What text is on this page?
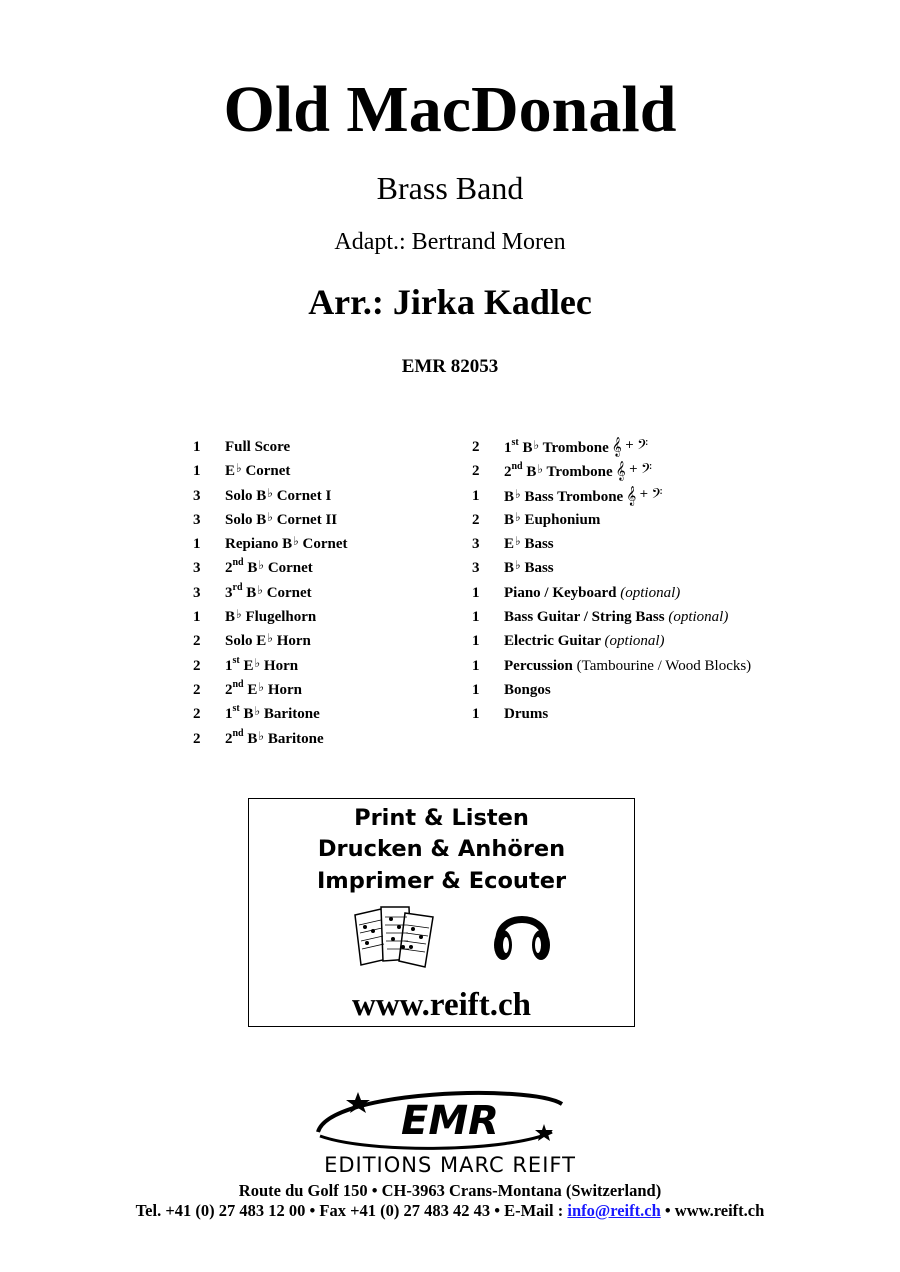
Old MacDonald
Brass Band
Adapt.: Bertrand Moren
Arr.: Jirka Kadlec
EMR 82053
1 Full Score
1 E♭ Cornet
3 Solo B♭ Cornet I
3 Solo B♭ Cornet II
1 Repiano B♭ Cornet
3 2nd B♭ Cornet
3 3rd B♭ Cornet
1 B♭ Flugelhorn
2 Solo E♭ Horn
2 1st E♭ Horn
2 2nd E♭ Horn
2 1st B♭ Baritone
2 2nd B♭ Baritone
2 1st B♭ Trombone 𝄞 + 𝄢
2 2nd B♭ Trombone 𝄞 + 𝄢
1 B♭ Bass Trombone 𝄞 + 𝄢
2 B♭ Euphonium
3 E♭ Bass
3 B♭ Bass
1 Piano / Keyboard (optional)
1 Bass Guitar / String Bass (optional)
1 Electric Guitar (optional)
1 Percussion (Tambourine / Wood Blocks)
1 Bongos
1 Drums
Print & Listen
Drucken & Anhören
Imprimer & Ecouter
www.reift.ch
EMR
EDITIONS MARC REIFT
Route du Golf 150 • CH-3963 Crans-Montana (Switzerland)
Tel. +41 (0) 27 483 12 00 • Fax +41 (0) 27 483 42 43 • E-Mail : info@reift.ch • www.reift.ch
